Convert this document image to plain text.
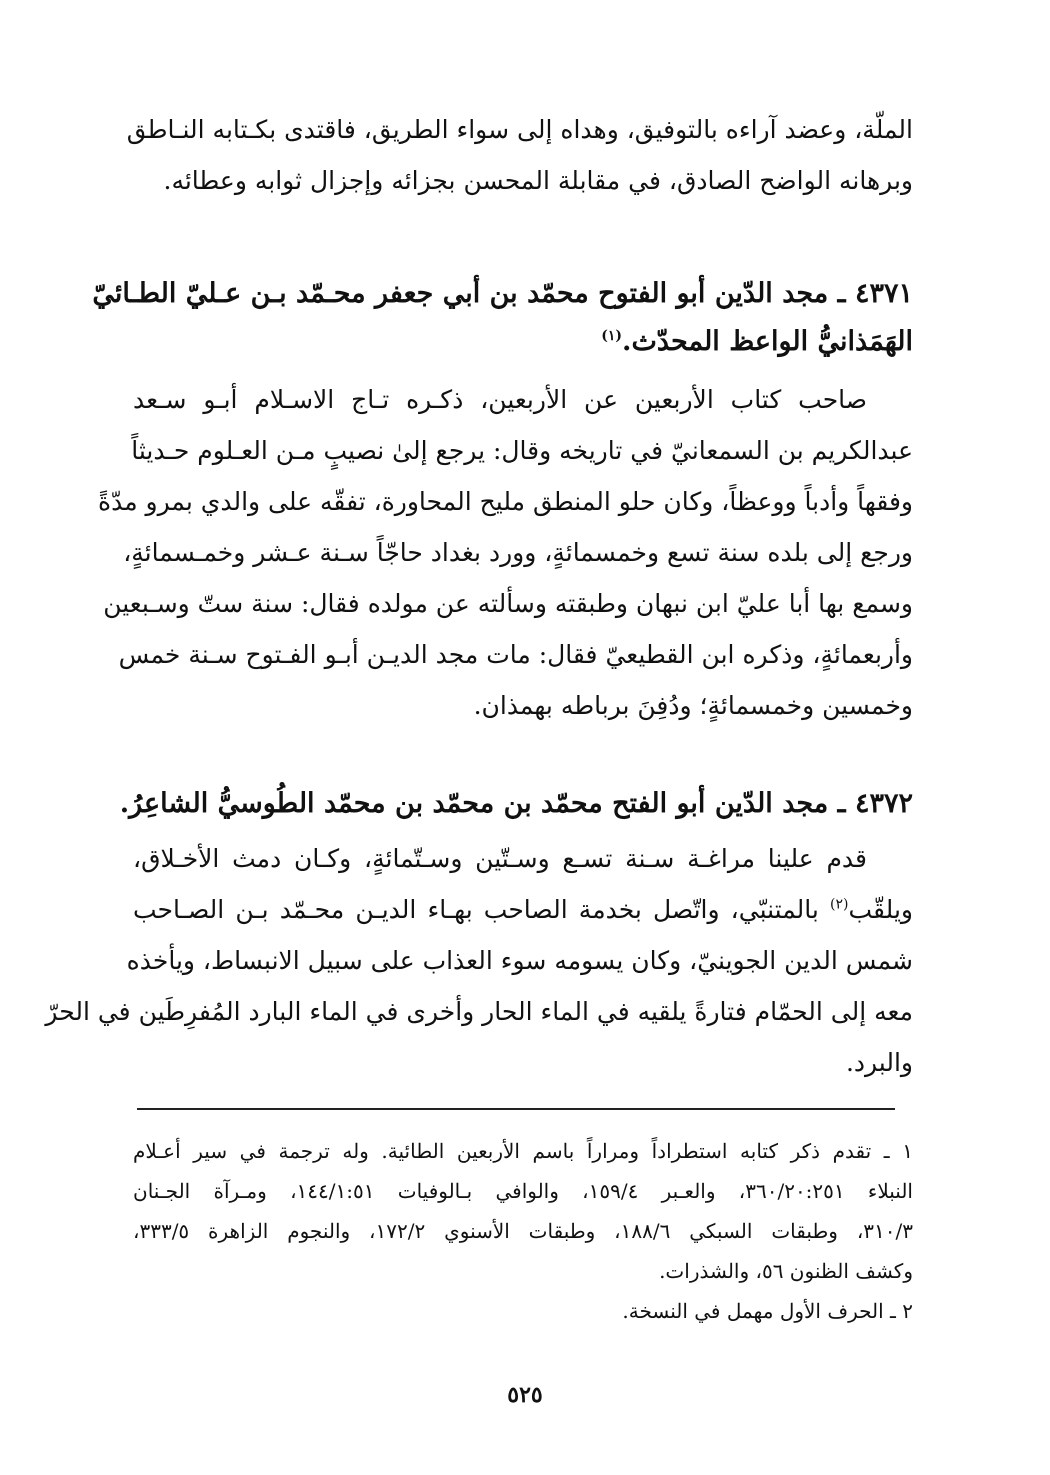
الملّة، وعضد آراءه بالتوفيق، وهداه إلى سواء الطريق، فاقتدى بكـتابه النـاطق
وبرهانه الواضح الصادق، في مقابلة المحسن بجزائه وإجزال ثوابه وعطائه.
٤٣٧١ ـ مجد الدّين أبو الفتوح محمّد بن أبي جعفر محـمّد بـن عـليّ الطـائيّ
الهَمَذانيُّ الواعظ المحدّث.$^{(١)}$
صاحب كتاب الأربعين عن الأربعين، ذكـره تـاج الاسـلام أبـو سـعد
عبدالكريم بن السمعانيّ في تاريخه وقال: يرجع إلىٰ نصيبٍ مـن العـلوم حـديثاً
وفقهاً وأدباً ووعظاً، وكان حلو المنطق مليح المحاورة، تفقّه على والدي بمرو مدّةً
ورجع إلى بلده سنة تسع وخمسمائةٍ، وورد بغداد حاجّاً سـنة عـشر وخمـسمائةٍ،
وسمع بها أبا عليّ ابن نبهان وطبقته وسألته عن مولده فقال: سنة ستّ وسـبعين
وأربعمائةٍ، وذكره ابن القطيعيّ فقال: مات مجد الديـن أبـو الفـتوح سـنة خمس
وخمسين وخمسمائةٍ؛ ودُفِنَ برباطه بهمذان.
٤٣٧٢ ـ مجد الدّين أبو الفتح محمّد بن محمّد بن محمّد الطُوسيُّ الشاعِرُ.
قدم علينا مراغـة سـنة تسـع وسـتّين وسـتّمائةٍ، وكـان دمث الأخـلاق،
ويلقّب$^{(٢)}$ بالمتنبّي، واتّصل بخدمة الصاحب بهـاء الديـن محـمّد بـن الصـاحب
شمس الدين الجوينيّ، وكان يسومه سوء العذاب على سبيل الانبساط، ويأخذه
معه إلى الحمّام فتارةً يلقيه في الماء الحار وأخرى في الماء البارد المُفرِطَين في الحرّ
والبرد.
١ ـ تقدم ذكر كتابه استطراداً ومراراً باسم الأربعين الطائية. وله ترجمة في سير أعـلام
النبلاء ٣٦٠/٢٠:٢٥١، والعـبر ١٥٩/٤، والوافي بـالوفيات ١٤٤/١:٥١، ومـرآة الجـنان
٣١٠/٣، وطبقات السبكي ١٨٨/٦، وطبقات الأسنوي ١٧٢/٢، والنجوم الزاهرة ٣٣٣/٥،
وكشف الظنون ٥٦، والشذرات.
٢ ـ الحرف الأول مهمل في النسخة.
٥٢٥
